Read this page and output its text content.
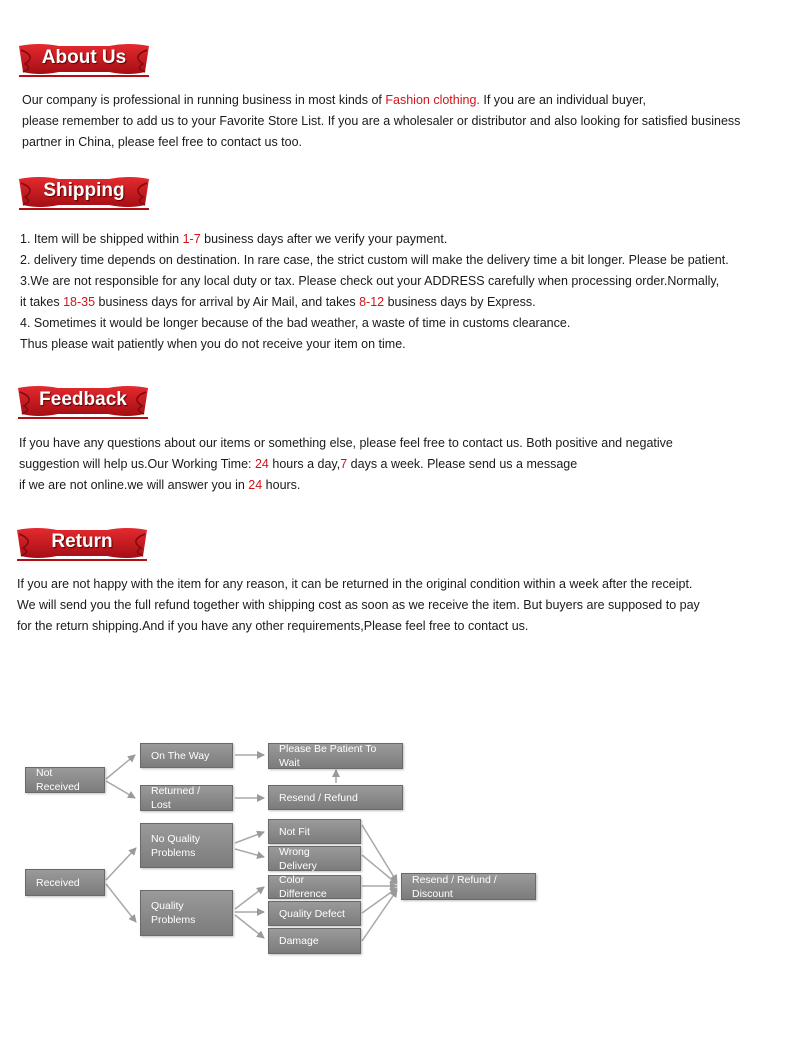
About Us
Our company is professional in running business in most kinds of Fashion clothing. If you are an individual buyer,
please remember to add us to your Favorite Store List. If you are a wholesaler or distributor and also looking for satisfied business
partner in China, please feel free to contact us too.
Shipping
1. Item will be shipped within 1-7 business days after we verify your payment.
2. delivery time depends on destination. In rare case, the strict custom will make the delivery time a bit longer. Please be patient.
3.We are not responsible for any local duty or tax. Please check out your ADDRESS carefully when processing order.Normally,
it takes 18-35 business days for arrival by Air Mail, and takes 8-12 business days by Express.
4. Sometimes it would be longer because of the bad weather, a waste of time in customs clearance.
Thus please wait patiently when you do not receive your item on time.
Feedback
If you have any questions about our items or something else, please feel free to contact us. Both positive and negative
suggestion will help us.Our Working Time: 24 hours a day,7 days a week. Please send us a message
if we are not online.we will answer you in 24 hours.
Return
If you are not happy with the item for any reason, it can be returned in the original condition within a week after the receipt.
We will send you the full refund together with shipping cost as soon as we receive the item. But buyers are supposed to pay
for the return shipping.And if you have any other requirements,Please feel free to contact us.
Not Received
On The Way
Please Be Patient To Wait
Returned / Lost
Resend / Refund
Received
No Quality Problems
Quality Problems
Not Fit
Wrong Delivery
Color Difference
Quality Defect
Damage
Resend / Refund / Discount
